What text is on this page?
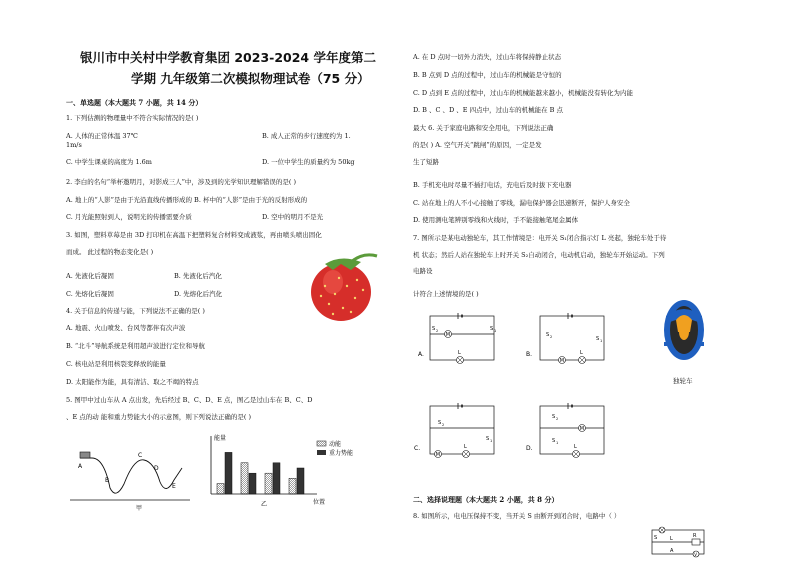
银川市中关村中学教育集团 2023-2024 学年度第二
学期 九年级第二次模拟物理试卷（75 分）
一、单选题（本大题共 7 小题，共 14 分）
1. 下列估测的物理量中不符合实际情况的是( )
A. 人体的正常体温 37℃	B. 成人正常的步行速度约为 1.
1m/s
C. 中学生课桌的高度为 1.6m	D. 一位中学生的质量约为 50kg
2. 李白的名句“举杯邀明月，对影成三人”中，涉及到的光学知识理解错误的是( )
A. 地上的“人影”是由于光沿直线传播形成的 B. 杯中的“人影”是由于光的反射形成的
C. 月光能照射到人，说明光的传播需要介质	D. 空中的明月不是光
3. 如图，塑料草莓是由 3D 打印机在高温下把塑料复合材料变成液浆，再由喷头喷出固化
而成。 此过程的物态变化是( )
A. 先液化后凝固	B. 先液化后汽化
C. 先熔化后凝固	D. 先熔化后汽化
4. 关于信息的传递与能，下列说法不正确的是( )
A. 地震、火山喷发、台风等都伴有次声波
B. “北斗”导航系统是利用超声波进行定位和导航
C. 核电站是利用核裂变释放的能量
D. 太阳能作为能，具有清洁、取之不竭的特点
5. 图甲中过山车从 A 点出发，先后经过 B、C、D、E 点，图乙是过山车在 B、C、D
、E 点的动 能和重力势能大小的示意图，则下列说法正确的是( )
A
B
C
D
E
甲
能量
位置
乙
动能
重力势能
A. 在 D 点时一切外力消失，过山车将保持静止状态
B. B 点到 D 点的过程中，过山车的机械能是守恒的
C. D 点到 E 点的过程中，过山车的机械能越来越小，机械能没有转化为内能
D. B 、C 、D 、E 四点中，过山车的机械能在 B 点
最大 6. 关于家庭电路和安全用电，下列说法正确
的是( ) A. 空气开关“跳闸”的原因，一定是发
生了短路
B. 手机充电时尽量不插打电话，充电后及时拔下充电器
C. 站在地上的人不小心接触了零线，漏电保护器会迅速断开，保护人身安全
D. 使用测电笔辨别零线和火线时，手不能接触笔尾金属体
7. 图所示是某电动独轮车，其工作情境是：电开关 S₁闭合指示灯 L 亮起，独轮车处于待
机 状态；然后人站在独轮车上时开关 S₂自动闭合，电动机启动，独轮车开始运动。下列
电路设
计符合上述情境的是( )
M
L
S 2	S 1
A.
M
L
S 2	S 1
B.
M
L
S 2
S 1
C.
M
L
S 2
S 1
D.
独轮车
二、选择说理题（本大题共 2 小题，共 8 分）
8. 如图所示，电电压保持不变，当开关 S 由断开到闭合时，电路中（ ）
S	L	R
A
V
